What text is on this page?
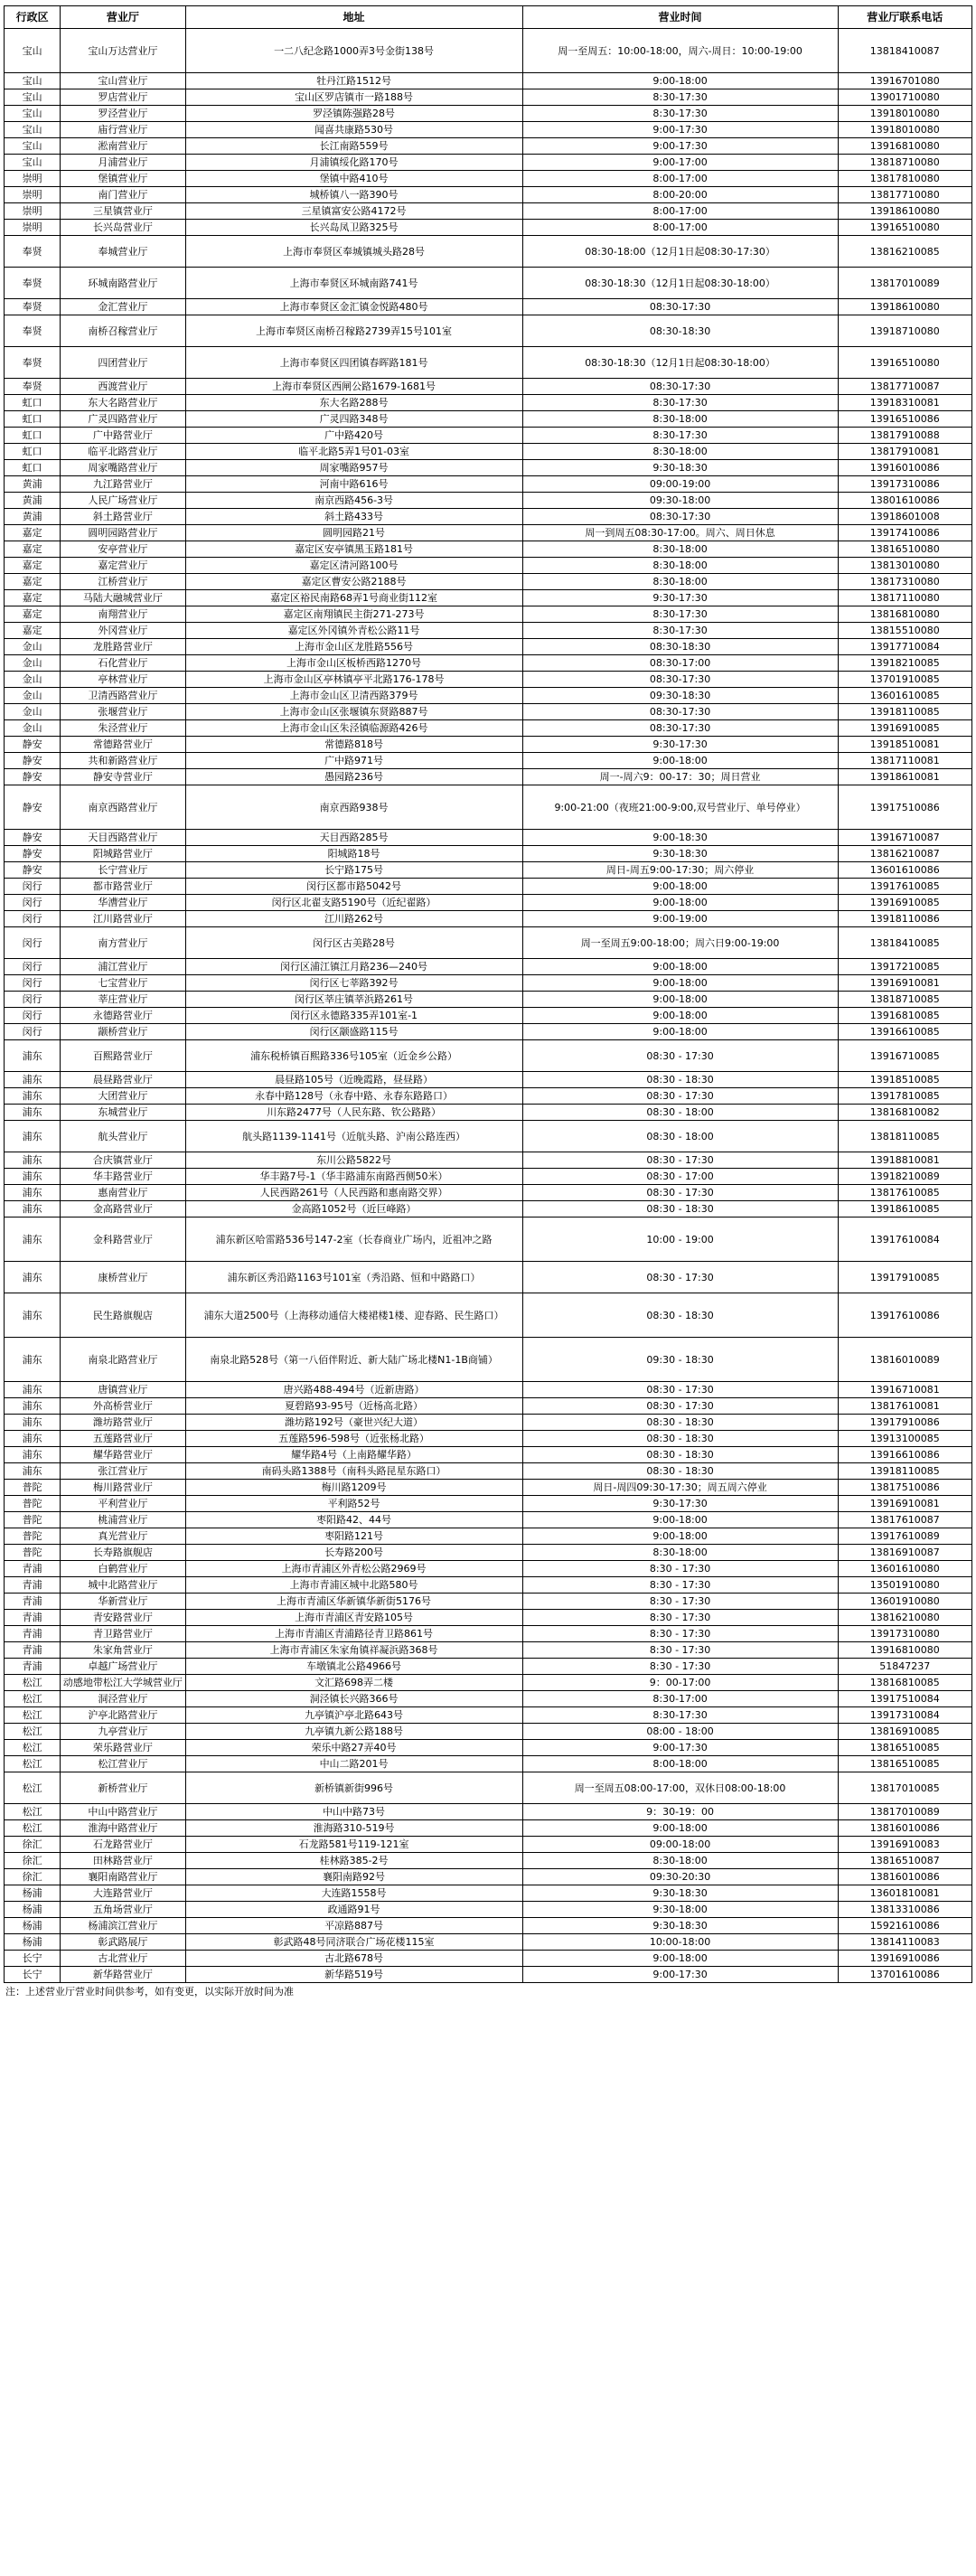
行政区	营业厅	地址	营业时间	营业厅联系电话
宝山	宝山万达营业厅	一二八纪念路1000弄3号金街138号	周一至周五：10:00-18:00，周六-周日：10:00-19:00	13818410087
宝山	宝山营业厅	牡丹江路1512号	9:00-18:00	13916701080
宝山	罗店营业厅	宝山区罗店镇市一路188号	8:30-17:30	13901710080
宝山	罗泾营业厅	罗泾镇陈强路28号	8:30-17:30	13918010080
宝山	庙行营业厅	闻喜共康路530号	9:00-17:30	13918010080
宝山	淞南营业厅	长江南路559号	9:00-17:30	13916810080
宝山	月浦营业厅	月浦镇绥化路170号	9:00-17:00	13818710080
崇明	堡镇营业厅	堡镇中路410号	8:00-17:00	13817810080
崇明	南门营业厅	城桥镇八一路390号	8:00-20:00	13817710080
崇明	三星镇营业厅	三星镇富安公路4172号	8:00-17:00	13918610080
崇明	长兴岛营业厅	长兴岛凤卫路325号	8:00-17:00	13916510080
奉贤	奉城营业厅	上海市奉贤区奉城镇城头路28号	08:30-18:00（12月1日起08:30-17:30）	13816210085
奉贤	环城南路营业厅	上海市奉贤区环城南路741号	08:30-18:30（12月1日起08:30-18:00）	13817010089
奉贤	金汇营业厅	上海市奉贤区金汇镇金悦路480号	08:30-17:30	13918610080
奉贤	南桥召稼营业厅	上海市奉贤区南桥召稼路2739弄15号101室	08:30-18:30	13918710080
奉贤	四团营业厅	上海市奉贤区四团镇春晖路181号	08:30-18:30（12月1日起08:30-18:00）	13916510080
奉贤	西渡营业厅	上海市奉贤区西闸公路1679-1681号	08:30-17:30	13817710087
虹口	东大名路营业厅	东大名路288号	8:30-17:30	13918310081
虹口	广灵四路营业厅	广灵四路348号	8:30-18:00	13916510086
虹口	广中路营业厅	广中路420号	8:30-17:30	13817910088
虹口	临平北路营业厅	临平北路5弄1号01-03室	8:30-18:00	13817910081
虹口	周家嘴路营业厅	周家嘴路957号	9:30-18:30	13916010086
黄浦	九江路营业厅	河南中路616号	09:00-19:00	13917310086
黄浦	人民广场营业厅	南京西路456-3号	09:30-18:00	13801610086
黄浦	斜土路营业厅	斜土路433号	08:30-17:30	13918601008
嘉定	圆明园路营业厅	圆明园路21号	周一到周五08:30-17:00。周六、周日休息	13917410086
嘉定	安亭营业厅	嘉定区安亭镇黑玉路181号	8:30-18:00	13816510080
嘉定	嘉定营业厅	嘉定区清河路100号	8:30-18:00	13813010080
嘉定	江桥营业厅	嘉定区曹安公路2188号	8:30-18:00	13817310080
嘉定	马陆大融城营业厅	嘉定区裕民南路68弄1号商业街112室	9:30-17:30	13817110080
嘉定	南翔营业厅	嘉定区南翔镇民主街271-273号	8:30-17:30	13816810080
嘉定	外冈营业厅	嘉定区外冈镇外青松公路11号	8:30-17:30	13815510080
金山	龙胜路营业厅	上海市金山区龙胜路556号	08:30-18:30	13917710084
金山	石化营业厅	上海市金山区板桥西路1270号	08:30-17:00	13918210085
金山	亭林营业厅	上海市金山区亭林镇亭平北路176-178号	08:30-17:30	13701910085
金山	卫清西路营业厅	上海市金山区卫清西路379号	09:30-18:30	13601610085
金山	张堰营业厅	上海市金山区张堰镇东贤路887号	08:30-17:30	13918110085
金山	朱泾营业厅	上海市金山区朱泾镇临源路426号	08:30-17:30	13916910085
静安	常德路营业厅	常德路818号	9:30-17:30	13918510081
静安	共和新路营业厅	广中路971号	9:00-18:00	13817110081
静安	静安寺营业厅	愚园路236号	周一-周六9：00-17：30；周日营业	13918610081
静安	南京西路营业厅	南京西路938号	9:00-21:00（夜班21:00-9:00,双号营业厅、单号停业）	13917510086
静安	天目西路营业厅	天目西路285号	9:00-18:30	13916710087
静安	阳城路营业厅	阳城路18号	9:30-18:30	13816210087
静安	长宁营业厅	长宁路175号	周日-周五9:00-17:30；周六停业	13601610086
闵行	都市路营业厅	闵行区都市路5042号	9:00-18:00	13917610085
闵行	华漕营业厅	闵行区北翟支路5190号（近纪翟路）	9:00-18:00	13916910085
闵行	江川路营业厅	江川路262号	9:00-19:00	13918110086
闵行	南方营业厅	闵行区古美路28号	周一至周五9:00-18:00；周六日9:00-19:00	13818410085
闵行	浦江营业厅	闵行区浦江镇江月路236—240号	9:00-18:00	13917210085
闵行	七宝营业厅	闵行区七莘路392号	9:00-18:00	13916910081
闵行	莘庄营业厅	闵行区莘庄镇莘浜路261号	9:00-18:00	13818710085
闵行	永德路营业厅	闵行区永德路335弄101室-1	9:00-18:00	13916810085
闵行	颛桥营业厅	闵行区颛盛路115号	9:00-18:00	13916610085
浦东	百熙路营业厅	浦东税桥镇百熙路336号105室（近金乡公路）	08:30 - 17:30	13916710085
浦东	晨昼路营业厅	晨昼路105号（近晚霞路，昼昼路）	08:30 - 18:30	13918510085
浦东	大团营业厅	永春中路128号（永春中路、永春东路路口）	08:30 - 17:30	13917810085
浦东	东城营业厅	川东路2477号（人民东路、钦公路路）	08:30 - 18:00	13816810082
浦东	航头营业厅	航头路1139-1141号（近航头路、沪南公路连西）	08:30 - 18:00	13818110085
浦东	合庆镇营业厅	东川公路5822号	08:30 - 17:30	13918810081
浦东	华丰路营业厅	华丰路7号-1（华丰路浦东南路西侧50米）	08:30 - 17:00	13918210089
浦东	惠南营业厅	人民西路261号（人民西路和惠南路交界）	08:30 - 17:30	13817610085
浦东	金高路营业厅	金高路1052号（近巨峰路）	08:30 - 18:30	13918610085
浦东	金科路营业厅	浦东新区哈雷路536号147-2室（长春商业广场内，近祖冲之路	10:00 - 19:00	13917610084
浦东	康桥营业厅	浦东新区秀沿路1163号101室（秀沿路、恒和中路路口）	08:30 - 17:30	13917910085
浦东	民生路旗舰店	浦东大道2500号（上海移动通信大楼裙楼1楼、迎春路、民生路口）	08:30 - 18:30	13917610086
浦东	南泉北路营业厅	南泉北路528号（第一八佰伴附近、新大陆广场北楼N1-1B商铺）	09:30 - 18:30	13816010089
浦东	唐镇营业厅	唐兴路488-494号（近新唐路）	08:30 - 17:30	13916710081
浦东	外高桥营业厅	夏碧路93-95号（近杨高北路）	08:30 - 17:30	13817610081
浦东	潍坊路营业厅	潍坊路192号（豪世兴纪大道）	08:30 - 18:30	13917910086
浦东	五莲路营业厅	五莲路596-598号（近张杨北路）	08:30 - 18:30	13913100085
浦东	耀华路营业厅	耀华路4号（上南路耀华路）	08:30 - 18:30	13916610086
浦东	张江营业厅	南码头路1388号（南科头路昆星东路口）	08:30 - 18:30	13918110085
普陀	梅川路营业厅	梅川路1209号	周日-周四09:30-17:30；周五周六停业	13817510086
普陀	平利营业厅	平利路52号	9:30-17:30	13916910081
普陀	桃浦营业厅	枣阳路42、44号	9:00-18:00	13817610087
普陀	真光营业厅	枣阳路121号	9:00-18:00	13917610089
普陀	长寿路旗舰店	长寿路200号	8:30-18:00	13816910087
青浦	白鹤营业厅	上海市青浦区外青松公路2969号	8:30 - 17:30	13601610080
青浦	城中北路营业厅	上海市青浦区城中北路580号	8:30 - 17:30	13501910080
青浦	华新营业厅	上海市青浦区华新镇华新街5176号	8:30 - 17:30	13601910080
青浦	青安路营业厅	上海市青浦区青安路105号	8:30 - 17:30	13816210080
青浦	青卫路营业厅	上海市青浦区青浦路径青卫路861号	8:30 - 17:30	13917310080
青浦	朱家角营业厅	上海市青浦区朱家角镇祥凝浜路368号	8:30 - 17:30	13916810080
青浦	卓越广场营业厅	车墩镇北公路4966号	8:30 - 17:30	51847237
松江	动感地带松江大学城营业厅	文汇路698弄二楼	9：00-17:00	13816810085
松江	洞泾营业厅	洞泾镇长兴路366号	8:30-17:00	13917510084
松江	沪亭北路营业厅	九亭镇沪亭北路643号	8:30-17:30	13917310084
松江	九亭营业厅	九亭镇九新公路188号	08:00 - 18:00	13816910085
松江	荣乐路营业厅	荣乐中路27弄40号	9:00-17:30	13816510085
松江	松江营业厅	中山二路201号	8:00-18:00	13816510085
松江	新桥营业厅	新桥镇新街996号	周一至周五08:00-17:00，双休日08:00-18:00	13817010085
松江	中山中路营业厅	中山中路73号	9：30-19：00	13817010089
松江	淮海中路营业厅	淮海路310-519号	9:00-18:00	13816010086
徐汇	石龙路营业厅	石龙路581号119-121室	09:00-18:00	13916910083
徐汇	田林路营业厅	桂林路385-2号	8:30-18:00	13816510087
徐汇	襄阳南路营业厅	襄阳南路92号	09:30-20:30	13816010086
杨浦	大连路营业厅	大连路1558号	9:30-18:30	13601810081
杨浦	五角场营业厅	政通路91号	9:30-18:00	13813310086
杨浦	杨浦滨江营业厅	平凉路887号	9:30-18:30	15921610086
杨浦	彰武路展厅	彰武路48号同济联合广场花楼115室	10:00-18:00	13814110083
长宁	古北营业厅	古北路678号	9:00-18:00	13916910086
长宁	新华路营业厅	新华路519号	9:00-17:30	13701610086
注：上述营业厅营业时间供参考，如有变更，以实际开放时间为准
